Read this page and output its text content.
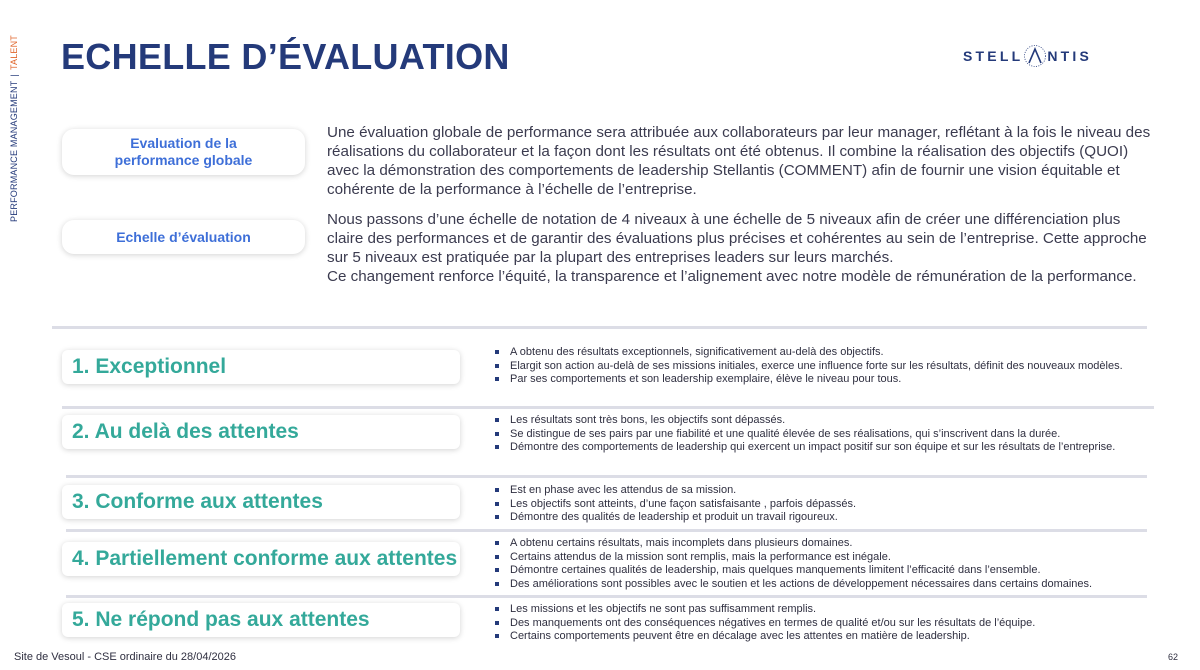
PERFORMANCE MANAGEMENT|TALENT ECHELLE D’ÉVALUATION	STELL NTIS
Evaluation de la performance globale
Une évaluation globale de performance sera attribuée aux collaborateurs par leur manager, reflétant à la fois le niveau des réalisations du collaborateur et la façon dont les résultats ont été obtenus. Il combine la réalisation des objectifs (QUOI) avec la démonstration des comportements de leadership Stellantis (COMMENT) afin de fournir une vision équitable et cohérente de la performance à l’échelle de l’entreprise.
Echelle d’évaluation
Nous passons d’une échelle de notation de 4 niveaux à une échelle de 5 niveaux afin de créer une différenciation plus claire des performances et de garantir des évaluations plus précises et cohérentes au sein de l’entreprise. Cette approche sur 5 niveaux est pratiquée par la plupart des entreprises leaders sur leurs marchés.
Ce changement renforce l’équité, la transparence et l’alignement avec notre modèle de rémunération de la performance.
1. Exceptionnel
A obtenu des résultats exceptionnels, significativement au-delà des objectifs.
Elargit son action au-delà de ses missions initiales, exerce une influence forte sur les résultats, définit des nouveaux modèles.
Par ses comportements et son leadership exemplaire, élève le niveau pour tous.
2. Au delà des attentes	Les résultats sont très bons, les objectifs sont dépassés.
Se distingue de ses pairs par une fiabilité et une qualité élevée de ses réalisations, qui s’inscrivent dans la durée.
Démontre des comportements de leadership qui exercent un impact positif sur son équipe et sur les résultats de l’entreprise.
3. Conforme aux attentes	Est en phase avec les attendus de sa mission.
Les objectifs sont atteints, d’une façon satisfaisante , parfois dépassés.
Démontre des qualités de leadership et produit un travail rigoureux.
4. Partiellement conforme aux attentes
A obtenu certains résultats, mais incomplets dans plusieurs domaines.
Certains attendus de la mission sont remplis, mais la performance est inégale.
Démontre certaines qualités de leadership, mais quelques manquements limitent l’efficacité dans l’ensemble.
Des améliorations sont possibles avec le soutien et les actions de développement nécessaires dans certains domaines.
5. Ne répond pas aux attentes	Les missions et les objectifs ne sont pas suffisamment remplis.
Des manquements ont des conséquences négatives en termes de qualité et/ou sur les résultats de l’équipe.
Certains comportements peuvent être en décalage avec les attentes en matière de leadership.
Site de Vesoul - CSE ordinaire du 28/04/2026	62
